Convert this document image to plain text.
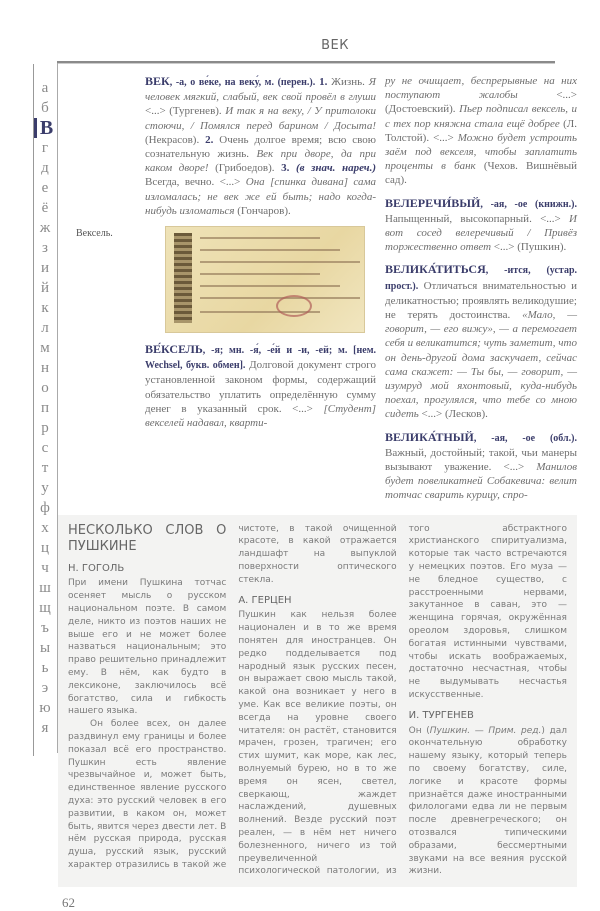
ВЕК
а
б
В
г
д
е
ё
ж
з
и
й
к
л
м
н
о
п
р
с
т
у
ф
х
ц
ч
ш
щ
ъ
ы
ь
э
ю
я

ВЕК, -а, о ве́ке, на веку́, м. (перен.). 1. Жизнь. Я человек мягкий, слабый, век свой провёл в глуши <...> (Тургенев). И так я на веку, / У притолоки стоючи, / Помялся перед барином / Досыта! (Некрасов). 2. Очень долгое время; всю свою сознательную жизнь. Век при дворе, да при каком дворе! (Грибоедов). 3. (в знач. нареч.) Всегда, вечно. <...> Она [спинка дивана] сама изломалась; не век же ей быть; надо когда-нибудь изломаться (Гончаров).

Вексель.

ВЕ́КСЕЛЬ, -я; мн. -я́, -е́й и -и, -ей; м. [нем. Wechsel, букв. обмен]. Долговой документ строго установленной законом формы, содержащий обязательство уплатить определённую сумму денег в указанный срок. <...> [Студент] векселей надавал, кварти-

ру не очищает, беспрерывные на них поступают жалобы <...> (Достоевский). Пьер подписал вексель, и с тех пор княжна стала ещё добрее (Л. Толстой). <...> Можно будет устроить заём под векселя, чтобы заплатить проценты в банк (Чехов. Вишнёвый сад).

ВЕЛЕРЕЧИ́ВЫЙ, -ая, -ое (книжн.). Напыщенный, высокопарный. <...> И вот сосед велеречивый / Привёз торжественно ответ <...> (Пушкин).

ВЕЛИКА́ТИТЬСЯ, -ится, (устар. прост.). Отличаться внимательностью и деликатностью; проявлять великодушие; не терять достоинства. «Мало, — говорит, — его вижу», — а перемогает себя и великатится; чуть заметит, что он день-другой дома заскучает, сейчас сама скажет: — Ты бы, — говорит, — изумруд мой яхонтовый, куда-нибудь поехал, прогулялся, что тебе со мною сидеть <...> (Лесков).

ВЕЛИКА́ТНЫЙ, -ая, -ое (обл.). Важный, достойный; такой, чьи манеры вызывают уважение. <...> Манилов будет повеликатней Собакевича: велит тотчас сварить курицу, спро-

НЕСКОЛЬКО СЛОВ О ПУШКИНЕ
Н. ГОГОЛЬ

При имени Пушкина тотчас осеняет мысль о русском национальном поэте. В самом деле, никто из поэтов наших не выше его и не может более назваться национальным; это право решительно принадлежит ему. В нём, как будто в лексиконе, заключилось всё богатство, сила и гибкость нашего языка.

Он более всех, он далее раздвинул ему границы и более показал всё его пространство. Пушкин есть явление чрезвычайное и, может быть, единственное явление русского духа: это русский человек в его развитии, в каком он, может быть, явится через двести лет. В нём русская природа, русская душа, русский язык, русский характер отразились в такой же чистоте, в такой очищенной красоте, в какой отражается ландшафт на выпуклой поверхности оптического стекла.

А. ГЕРЦЕН

Пушкин как нельзя более национален и в то же время понятен для иностранцев. Он редко подделывается под народный язык русских песен, он выражает свою мысль такой, какой она возникает у него в уме. Как все великие поэты, он всегда на уровне своего читателя: он растёт, становится мрачен, грозен, трагичен; его стих шумит, как море, как лес, волнуемый бурею, но в то же время он ясен, светел, сверкающ, жаждет наслаждений, душевных волнений. Везде русский поэт реален, — в нём нет ничего болезненного, ничего из той преувеличенной психологической патологии, из того абстрактного христианского спиритуализма, которые так часто встречаются у немецких поэтов. Его муза — не бледное существо, с расстроенными нервами, закутанное в саван, это — женщина горячая, окружённая ореолом здоровья, слишком богатая истинными чувствами, чтобы искать воображаемых, достаточно несчастная, чтобы не выдумывать несчастья искусственные.

И. ТУРГЕНЕВ

Он (Пушкин. — Прим. ред.) дал окончательную обработку нашему языку, который теперь по своему богатству, силе, логике и красоте формы признаётся даже иностранными филологами едва ли не первым после древнегреческого; он отозвался типическими образами, бессмертными звуками на все веяния русской жизни.

62
